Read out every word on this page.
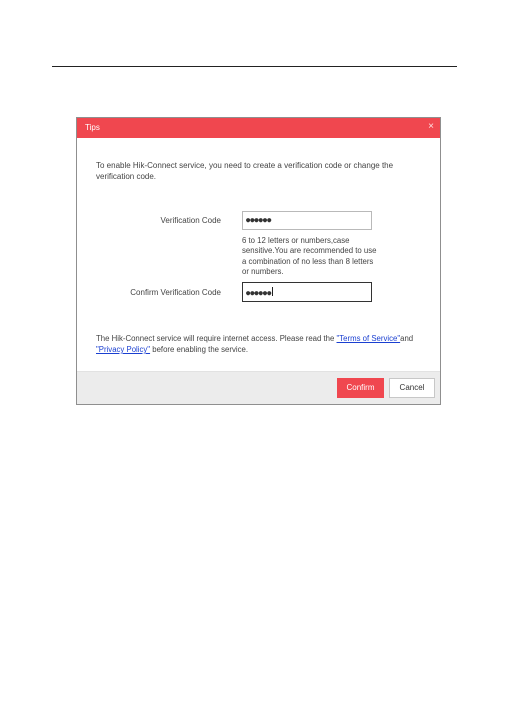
Tips	×
To enable Hik-Connect service, you need to create a verification code or change the verification code.
Verification Code	●●●●●●
6 to 12 letters or numbers,case sensitive.You are recommended to use a combination of no less than 8 letters or numbers.
Confirm Verification Code	●●●●●●
The Hik-Connect service will require internet access. Please read the "Terms of Service"and "Privacy Policy" before enabling the service.
Confirm	Cancel
